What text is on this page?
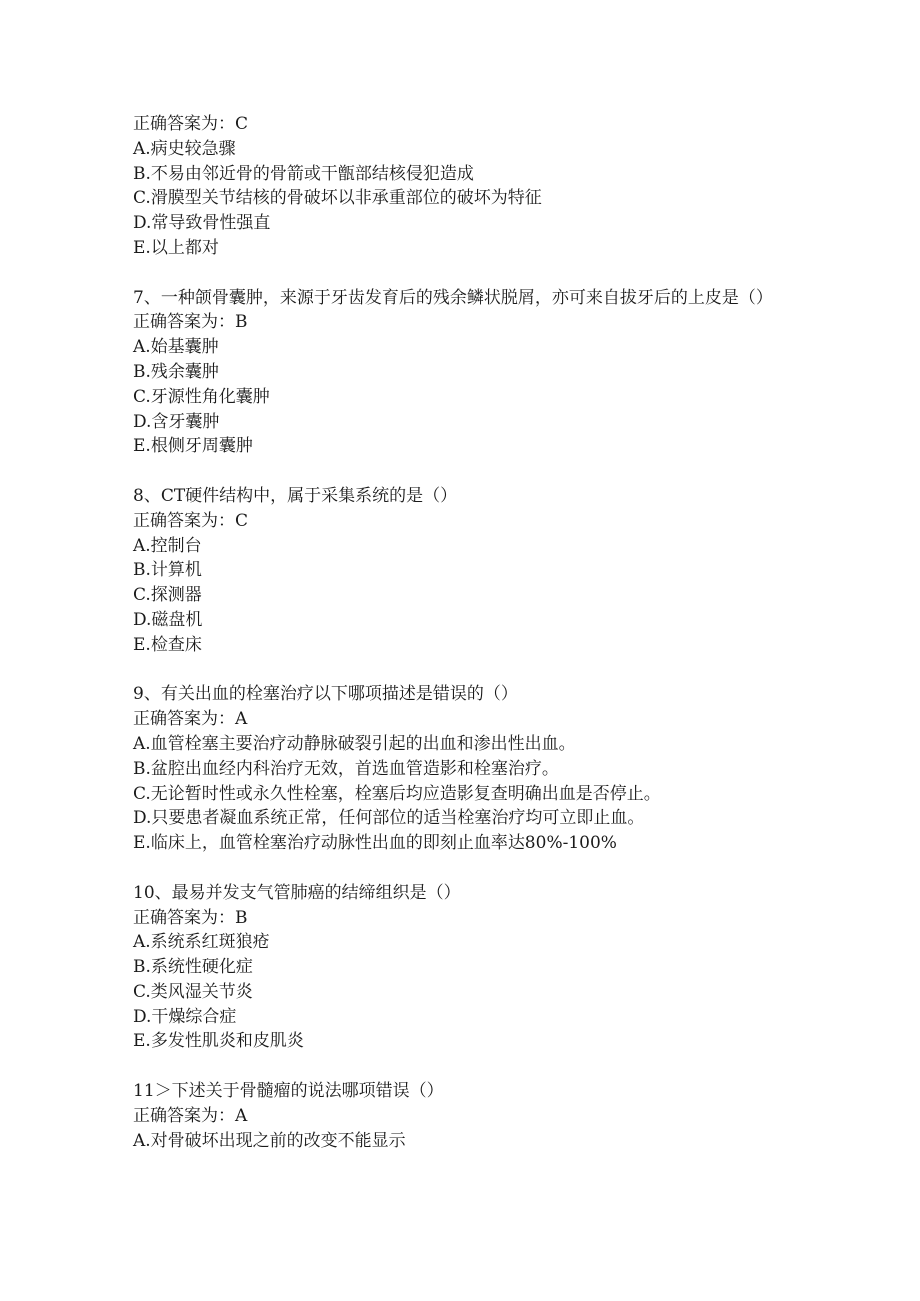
正确答案为：C
A.病史较急骤
B.不易由邻近骨的骨箭或干甑部结核侵犯造成
C.滑膜型关节结核的骨破坏以非承重部位的破坏为特征
D.常导致骨性强直
E.以上都对
7、一种颌骨囊肿，来源于牙齿发育后的残余鳞状脱屑，亦可来自拔牙后的上皮是（）
正确答案为：B
A.始基囊肿
B.残余囊肿
C.牙源性角化囊肿
D.含牙囊肿
E.根侧牙周囊肿
8、CT硬件结构中，属于采集系统的是（）
正确答案为：C
A.控制台
B.计算机
C.探测器
D.磁盘机
E.检查床
9、有关出血的栓塞治疗以下哪项描述是错误的（）
正确答案为：A
A.血管栓塞主要治疗动静脉破裂引起的出血和渗出性出血。
B.盆腔出血经内科治疗无效，首选血管造影和栓塞治疗。
C.无论暂时性或永久性栓塞，栓塞后均应造影复查明确出血是否停止。
D.只要患者凝血系统正常，任何部位的适当栓塞治疗均可立即止血。
E.临床上，血管栓塞治疗动脉性出血的即刻止血率达80%-100%
10、最易并发支气管肺癌的结缔组织是（）
正确答案为：B
A.系统系红斑狼疮
B.系统性硬化症
C.类风湿关节炎
D.干燥综合症
E.多发性肌炎和皮肌炎
11＞下述关于骨髓瘤的说法哪项错误（）
正确答案为：A
A.对骨破坏出现之前的改变不能显示
